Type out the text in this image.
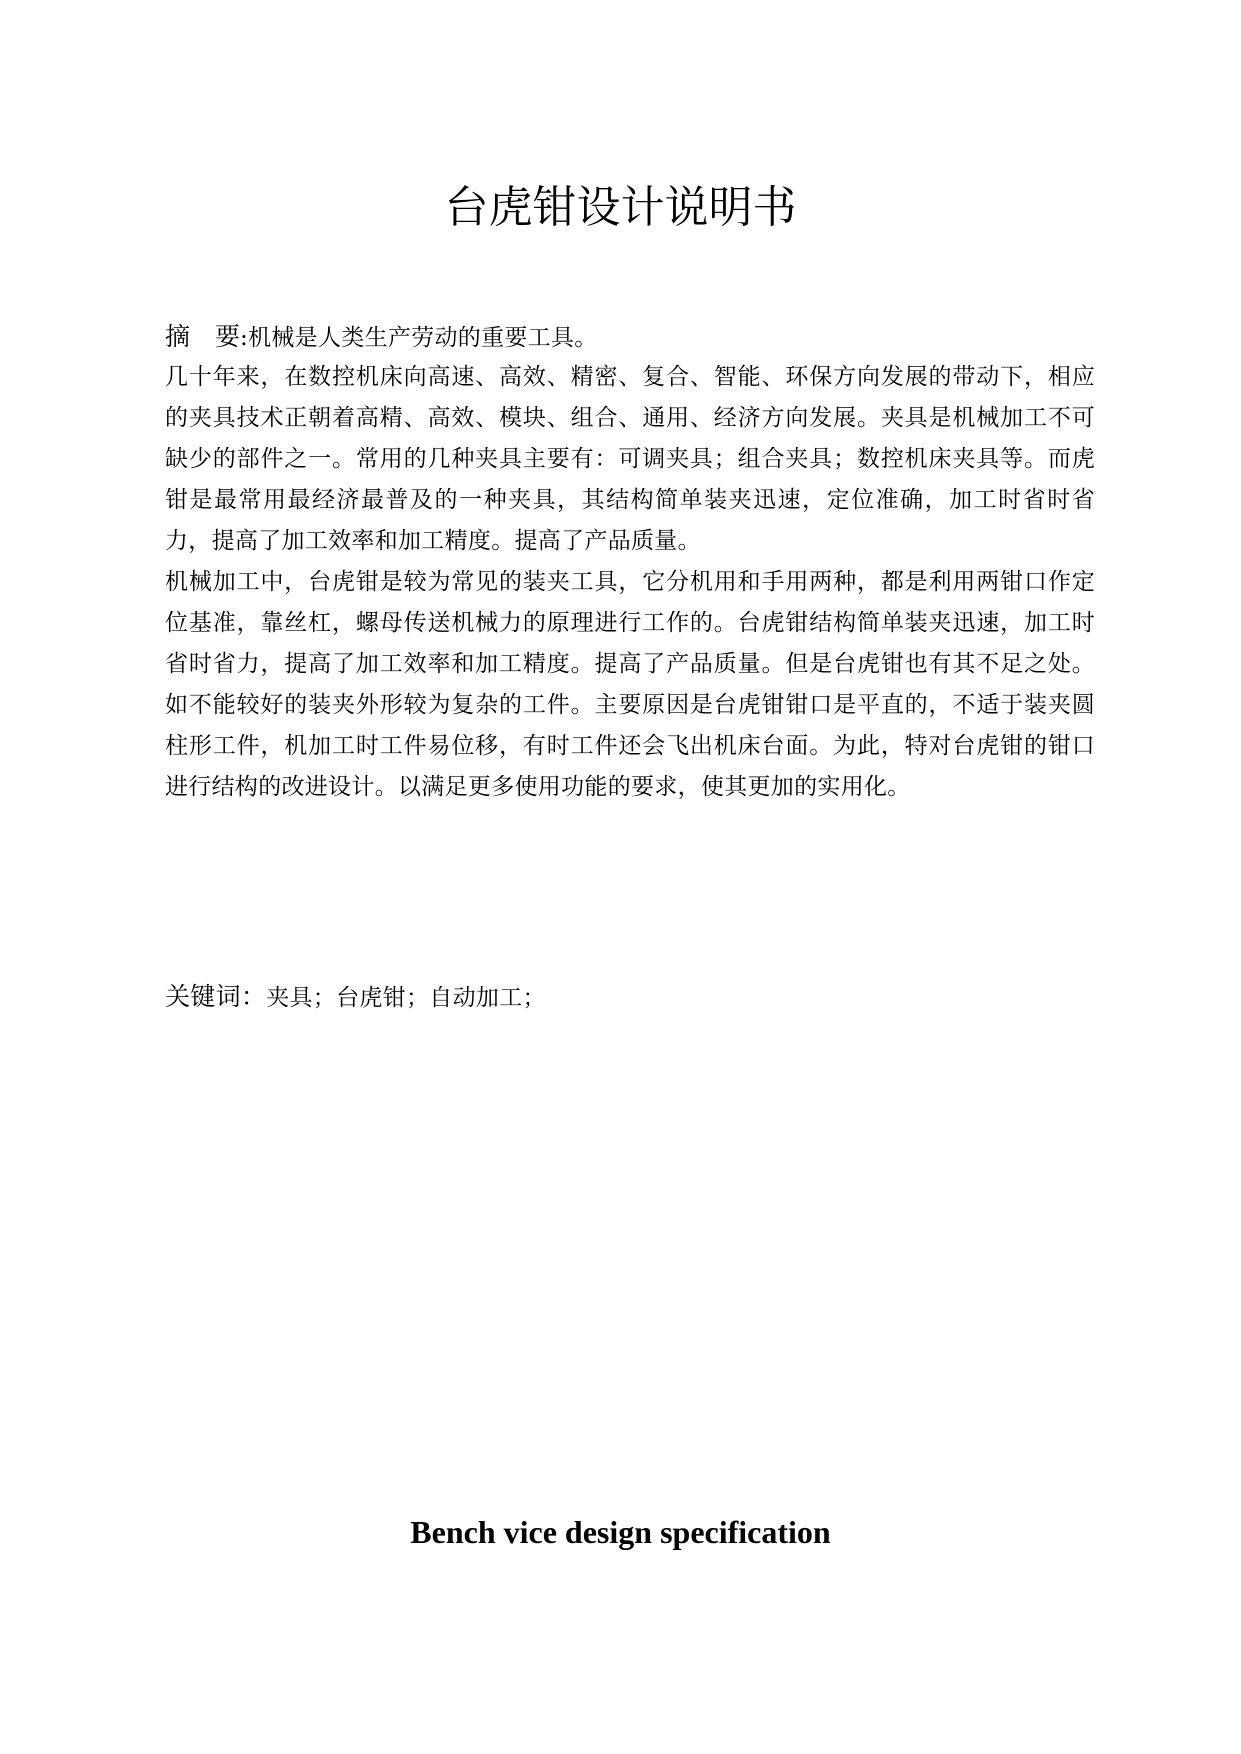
台虎钳设计说明书
摘　要:机械是人类生产劳动的重要工具。

几十年来，在数控机床向高速、高效、精密、复合、智能、环保方向发展的带动下，相应的夹具技术正朝着高精、高效、模块、组合、通用、经济方向发展。夹具是机械加工不可缺少的部件之一。常用的几种夹具主要有：可调夹具；组合夹具；数控机床夹具等。而虎钳是最常用最经济最普及的一种夹具，其结构简单装夹迅速，定位准确，加工时省时省力，提高了加工效率和加工精度。提高了产品质量。

机械加工中，台虎钳是较为常见的装夹工具，它分机用和手用两种，都是利用两钳口作定位基准，靠丝杠，螺母传送机械力的原理进行工作的。台虎钳结构简单装夹迅速，加工时省时省力，提高了加工效率和加工精度。提高了产品质量。但是台虎钳也有其不足之处。如不能较好的装夹外形较为复杂的工件。主要原因是台虎钳钳口是平直的，不适于装夹圆柱形工件，机加工时工件易位移，有时工件还会飞出机床台面。为此，特对台虎钳的钳口进行结构的改进设计。以满足更多使用功能的要求，使其更加的实用化。

关键词：夹具；台虎钳；自动加工；
Bench vice design specification
